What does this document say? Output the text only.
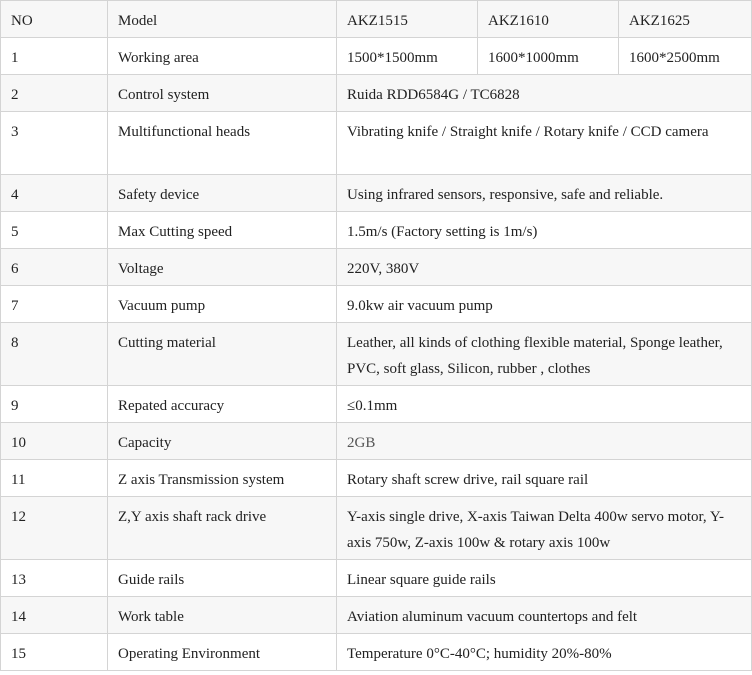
NO	Model	AKZ1515	AKZ1610	AKZ1625
1	Working area	1500*1500mm	1600*1000mm	1600*2500mm
2	Control system	Ruida RDD6584G / TC6828		
3	Multifunctional heads	Vibrating knife / Straight knife / Rotary knife / CCD camera		
4	Safety device	Using infrared sensors, responsive, safe and reliable.		
5	Max Cutting speed	1.5m/s (Factory setting is 1m/s)		
6	Voltage	220V, 380V		
7	Vacuum pump	9.0kw air vacuum pump		
8	Cutting material	Leather, all kinds of clothing flexible material, Sponge leather, PVC, soft glass, Silicon, rubber , clothes		
9	Repated accuracy	≤0.1mm		
10	Capacity	2GB		
11	Z axis Transmission system	Rotary shaft screw drive, rail square rail		
12	Z,Y axis shaft rack drive	Y-axis single drive, X-axis Taiwan Delta 400w servo motor, Y-axis 750w, Z-axis 100w & rotary axis 100w		
13	Guide rails	Linear square guide rails		
14	Work table	Aviation aluminum vacuum countertops and felt		
15	Operating Environment	Temperature 0°C-40°C; humidity 20%-80%		
